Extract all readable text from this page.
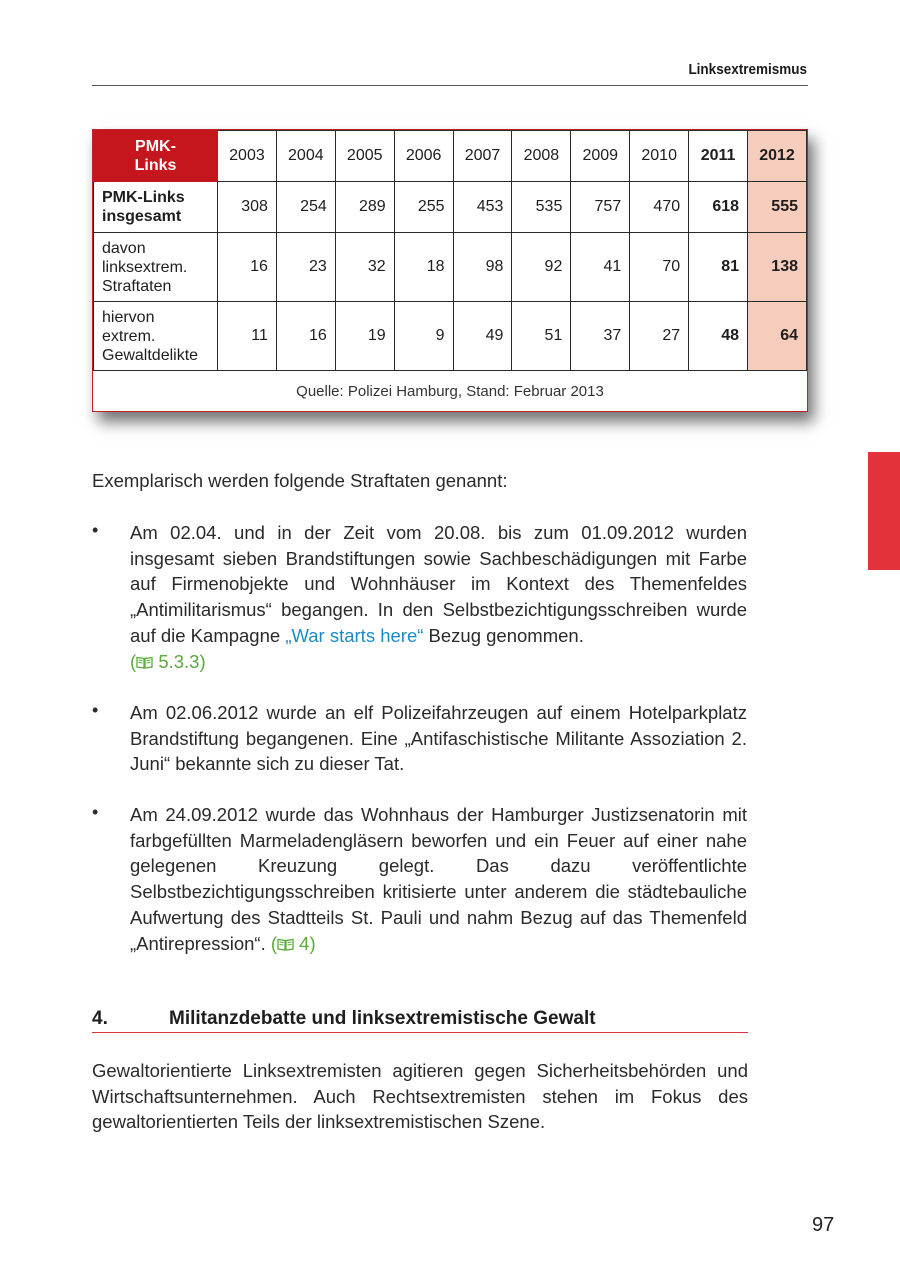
Linksextremismus
PMK-
Links	2003	2004	2005	2006	2007	2008	2009	2010	2011	2012
PMK-Links
insgesamt	308	254	289	255	453	535	757	470	618	555
davon
linksextrem.
Straftaten	16	23	32	18	98	92	41	70	81	138
hiervon
extrem.
Gewaltdelikte	11	16	19	9	49	51	37	27	48	64
Quelle: Polizei Hamburg, Stand: Februar 2013										
Exemplarisch werden folgende Straftaten genannt:
• Am 02.04. und in der Zeit vom 20.08. bis zum 01.09.2012 wurden insgesamt sieben Brandstiftungen sowie Sachbeschädigungen mit Farbe auf Firmenobjekte und Wohnhäuser im Kontext des Themenfeldes „Antimilitarismus“ begangen. In den Selbstbezichtigungsschreiben wurde auf die Kampagne „War starts here“ Bezug genommen.
( 5.3.3)
• Am 02.06.2012 wurde an elf Polizeifahrzeugen auf einem Hotelparkplatz Brandstiftung begangenen. Eine „Antifaschistische Militante Assoziation 2. Juni“ bekannte sich zu dieser Tat.
• Am 24.09.2012 wurde das Wohnhaus der Hamburger Justizsenatorin mit farbgefüllten Marmeladengläsern beworfen und ein Feuer auf einer nahe gelegenen Kreuzung gelegt. Das dazu veröffentlichte Selbstbezichtigungsschreiben kritisierte unter anderem die städtebauliche Aufwertung des Stadtteils St. Pauli und nahm Bezug auf das Themenfeld „Antirepression“. ( 4)
4.	Militanzdebatte und linksextremistische Gewalt
Gewaltorientierte Linksextremisten agitieren gegen Sicherheitsbehörden und Wirtschaftsunternehmen. Auch Rechtsextremisten stehen im Fokus des gewaltorientierten Teils der linksextremistischen Szene.
97
